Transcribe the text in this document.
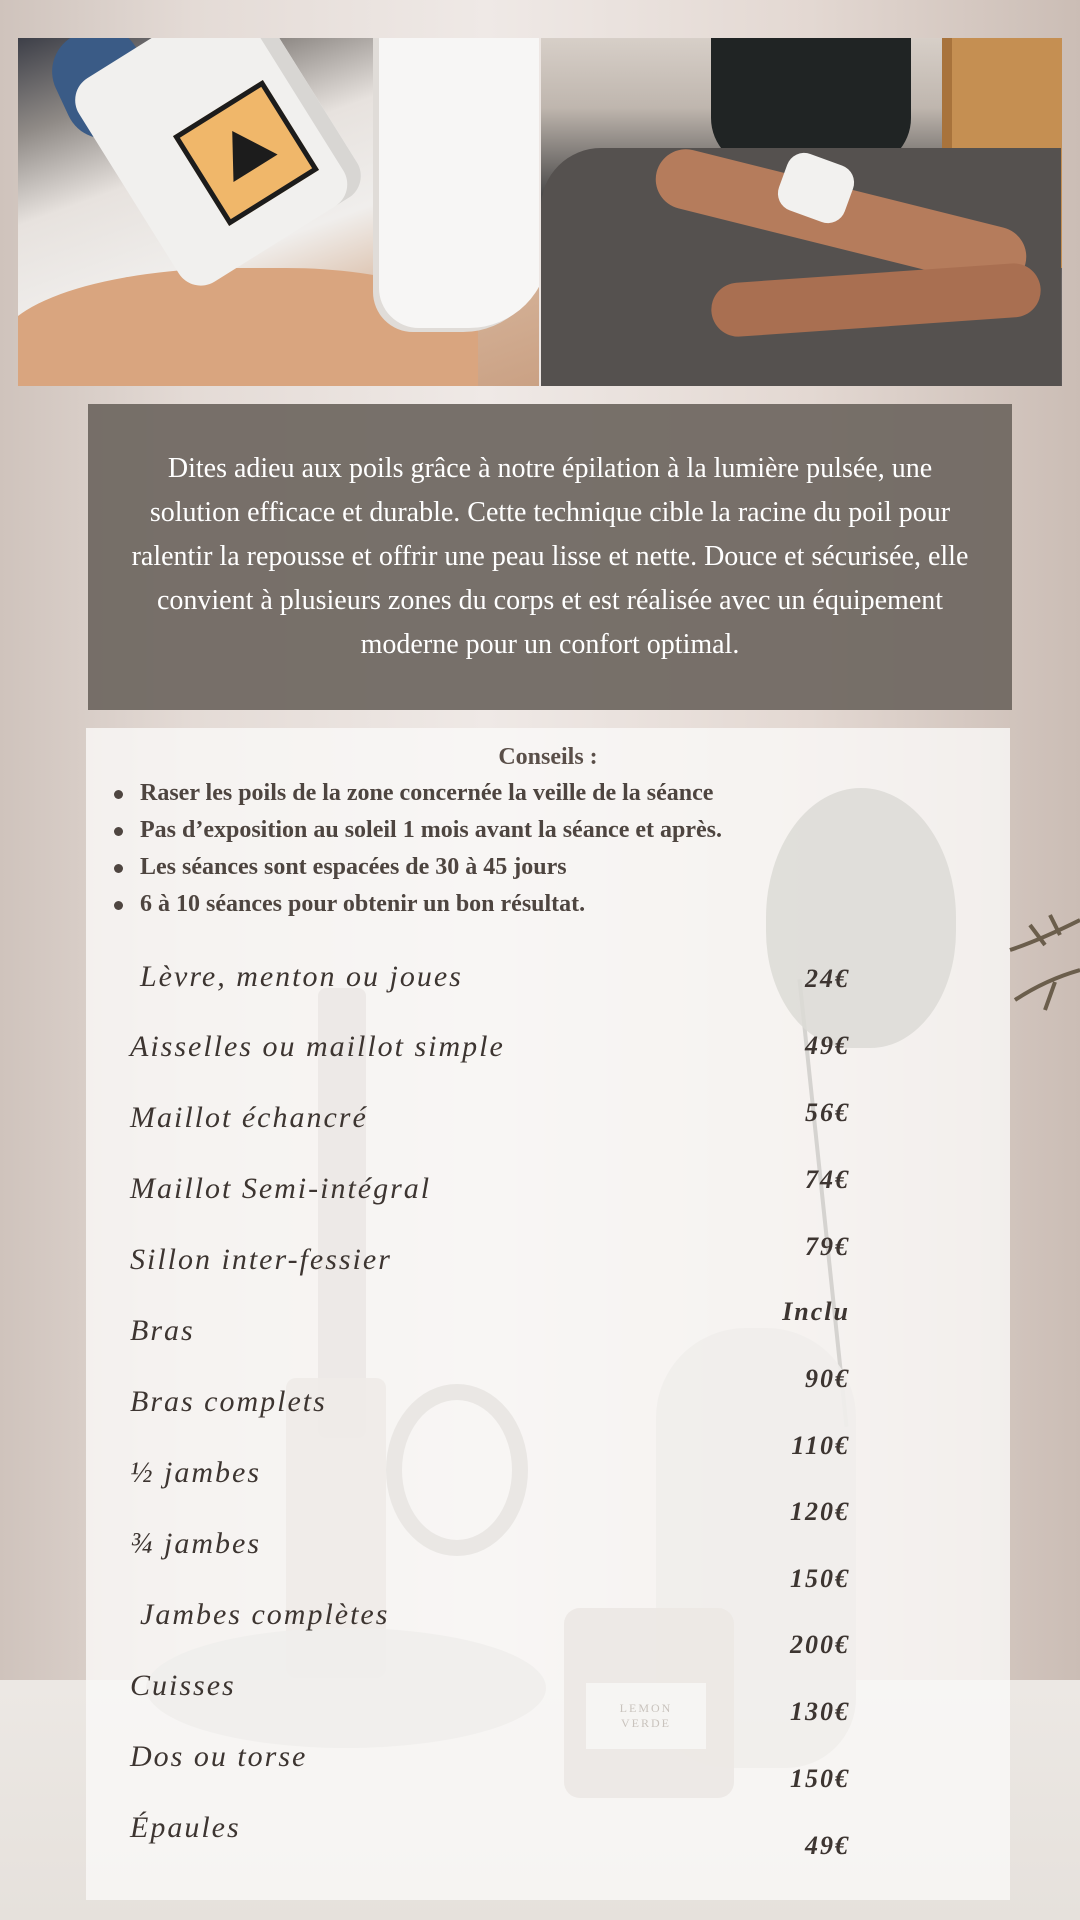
Dites adieu aux poils grâce à notre épilation à la lumière pulsée, une solution efficace et durable. Cette technique cible la racine du poil pour ralentir la repousse et offrir une peau lisse et nette. Douce et sécurisée, elle convient à plusieurs zones du corps et est réalisée avec un équipement moderne pour un confort optimal.

LEMON
VERDE

Conseils :

Raser les poils de la zone concernée la veille de la séance
Pas d’exposition au soleil 1 mois avant la séance et après.
Les séances sont espacées de 30 à 45 jours
6 à 10 séances pour obtenir un bon résultat.
Lèvre, menton ou joues
Aisselles ou maillot simple
Maillot échancré
Maillot Semi-intégral
Sillon inter-fessier
Bras
Bras complets
½ jambes
¾ jambes
Jambes complètes
Cuisses
Dos ou torse
Épaules
24€
49€
56€
74€
79€
Inclu
90€
110€
120€
150€
200€
130€
150€
49€
